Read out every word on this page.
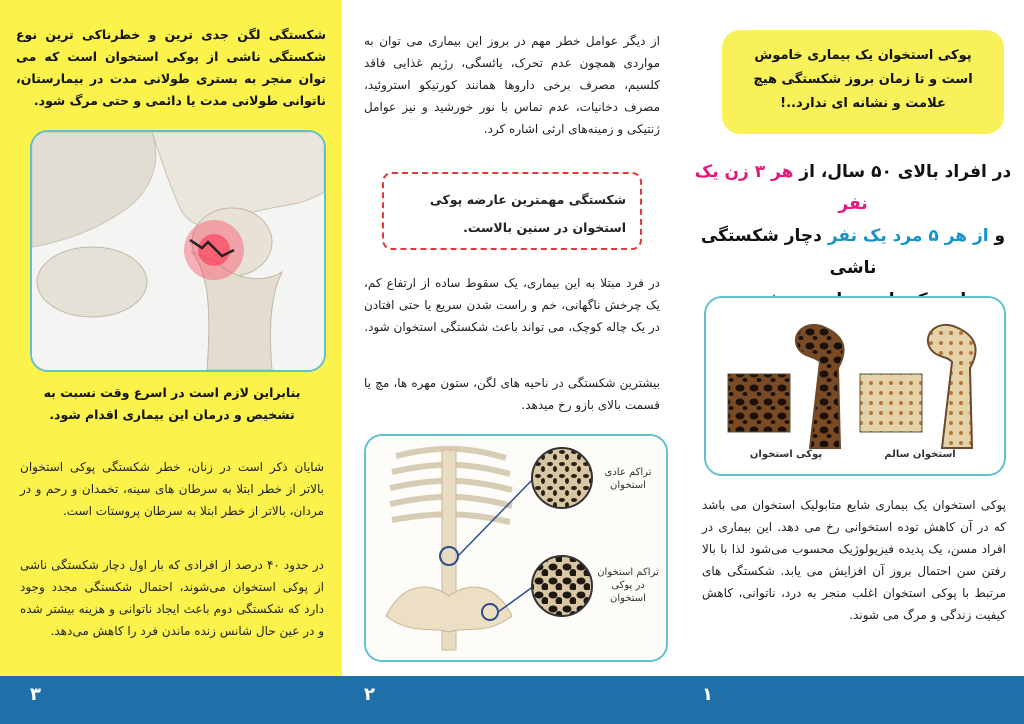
شکستگی لگن جدی ترین و خطرناکی ترین نوع شکستگی ناشی از پوکی استخوان است که می توان منجر به بستری طولانی مدت در بیمارستان، ناتوانی طولانی مدت یا دائمی و حتی مرگ شود.

بنابراین لازم است در اسرع وقت نسبت به تشخیص و درمان این بیماری اقدام شود.

شایان ذکر است در زنان، خطر شکستگی پوکی استخوان بالاتر از خطر ابتلا به سرطان های سینه، تخمدان و رحم و در مردان، بالاتر از خطر ابتلا به سرطان پروستات است.

در حدود ۴۰ درصد از افرادی که بار اول دچار شکستگی ناشی از پوکی استخوان می‌شوند، احتمال شکستگی مجدد وجود دارد که شکستگی دوم باعث ایجاد ناتوانی و هزینه بیشتر شده و در عین حال شانس زنده ماندن فرد را کاهش می‌دهد.

از دیگر عوامل خطر مهم در بروز این بیماری می توان به مواردی همچون عدم تحرک، یائسگی، رژیم غذایی فاقد کلسیم، مصرف برخی داروها همانند کورتیکو استروئید، مصرف دخانیات، عدم تماس با نور خورشید و نیز عوامل ژنتیکی و زمینه‌های ارثی اشاره کرد.

شکستگی مهمترین عارضه پوکی استخوان در سنین بالاست.

در فرد مبتلا به این بیماری، یک سقوط ساده از ارتفاع کم، یک چرخش ناگهانی، خم و راست شدن سریع یا حتی افتادن در یک چاله کوچک، می تواند باعث شکستگی استخوان شود.

بیشترین شکستگی در ناحیه های لگن، ستون مهره ها، مچ یا قسمت بالای بازو رخ میدهد.

تراکم عادی استخوان
تراکم استخوان در پوکی استخوان
پوکی استخوان یک بیماری خاموش است و تا زمان بروز شکستگی هیچ علامت و نشانه ای ندارد..!
در افراد بالای ۵۰ سال، از هر ۳ زن یک نفر
و از هر ۵ مرد یک نفر دچار شکستگی ناشی
پوکی استخوان	استخوان سالم

پوکی استخوان یک بیماری شایع متابولیک استخوان می باشد که در آن کاهش توده استخوانی رخ می دهد. این بیماری در افراد مسن، یک پدیده فیزیولوژیک محسوب می‌شود لذا با بالا رفتن سن احتمال بروز آن افزایش می یابد. شکستگی های مرتبط با پوکی استخوان اغلب منجر به درد، ناتوانی، کاهش کیفیت زندگی و مرگ می شوند.

۳	۲	۱
